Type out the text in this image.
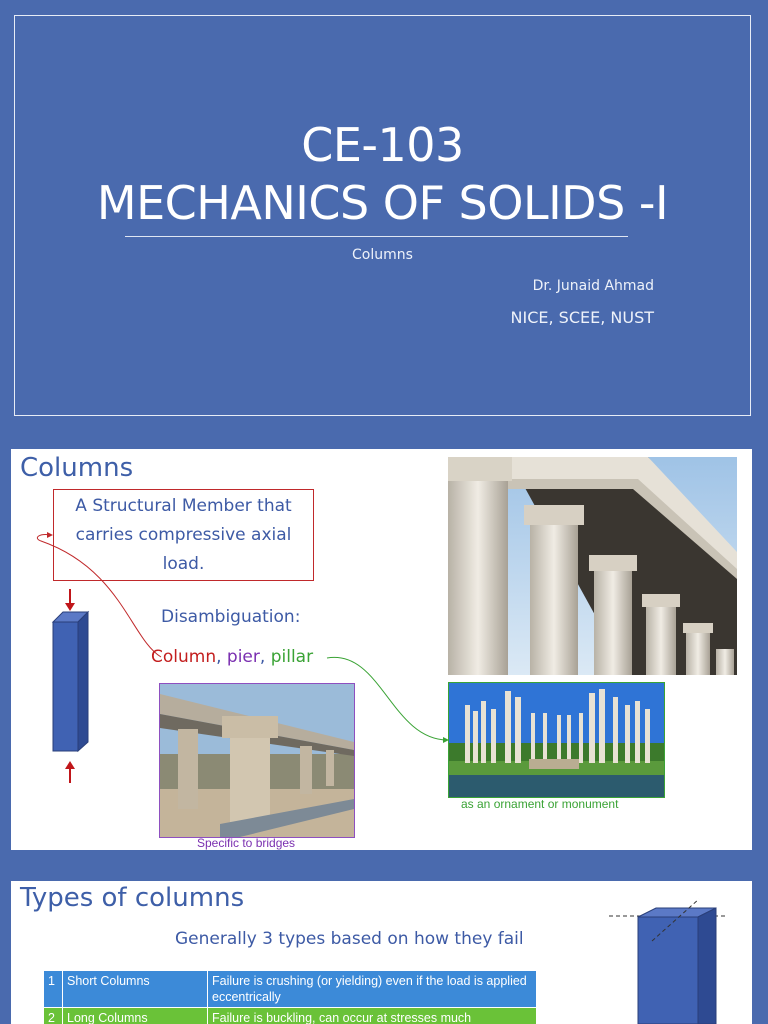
CE-103
MECHANICS OF SOLIDS -I
Columns
Dr. Junaid Ahmad
NICE, SCEE, NUST
Columns
A Structural Member that carries compressive axial load.
Disambiguation:
Column, pier, pillar
Specific to bridges
as an ornament or monument
Types of columns
Generally 3 types based on how they fail
1	Short Columns	Failure is crushing (or yielding) even if the load is applied eccentrically
2	Long Columns	Failure is buckling, can occur at stresses much
